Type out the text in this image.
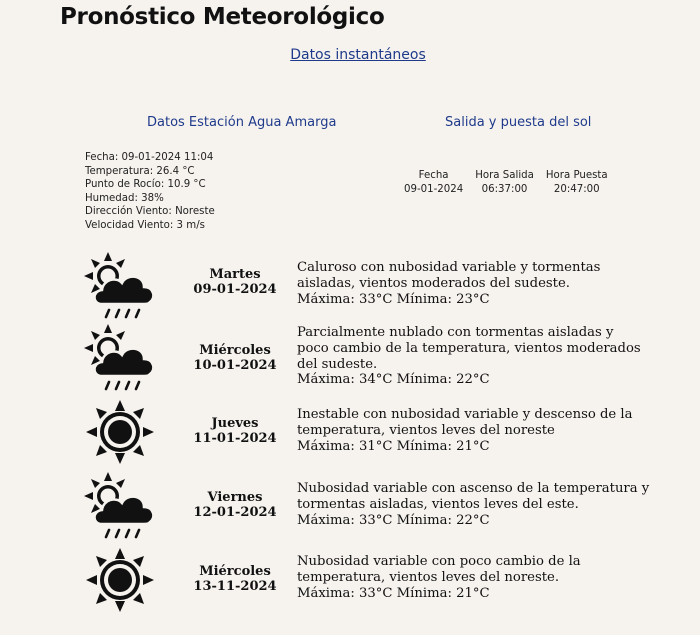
Pronóstico Meteorológico
Datos instantáneos
Datos Estación Agua Amarga	Salida y puesta del sol
Fecha: 09-01-2024 11:04
Temperatura: 26.4 °C
Punto de Rocío: 10.9 °C
Humedad: 38%
Dirección Viento: Noreste
Velocidad Viento: 3 m/s
Fecha	Hora Salida	Hora Puesta
09-01-2024	06:37:00	20:47:00
Martes
09-01-2024
Caluroso con nubosidad variable y tormentas
aisladas, vientos moderados del sudeste.
Máxima: 33°C Mínima: 23°C
Miércoles
10-01-2024
Parcialmente nublado con tormentas aisladas y
poco cambio de la temperatura, vientos moderados
del sudeste.
Máxima: 34°C Mínima: 22°C
Jueves
11-01-2024
Inestable con nubosidad variable y descenso de la
temperatura, vientos leves del noreste
Máxima: 31°C Mínima: 21°C
Viernes
12-01-2024
Nubosidad variable con ascenso de la temperatura y
tormentas aisladas, vientos leves del este.
Máxima: 33°C Mínima: 22°C
Miércoles
13-11-2024
Nubosidad variable con poco cambio de la
temperatura, vientos leves del noreste.
Máxima: 33°C Mínima: 21°C
